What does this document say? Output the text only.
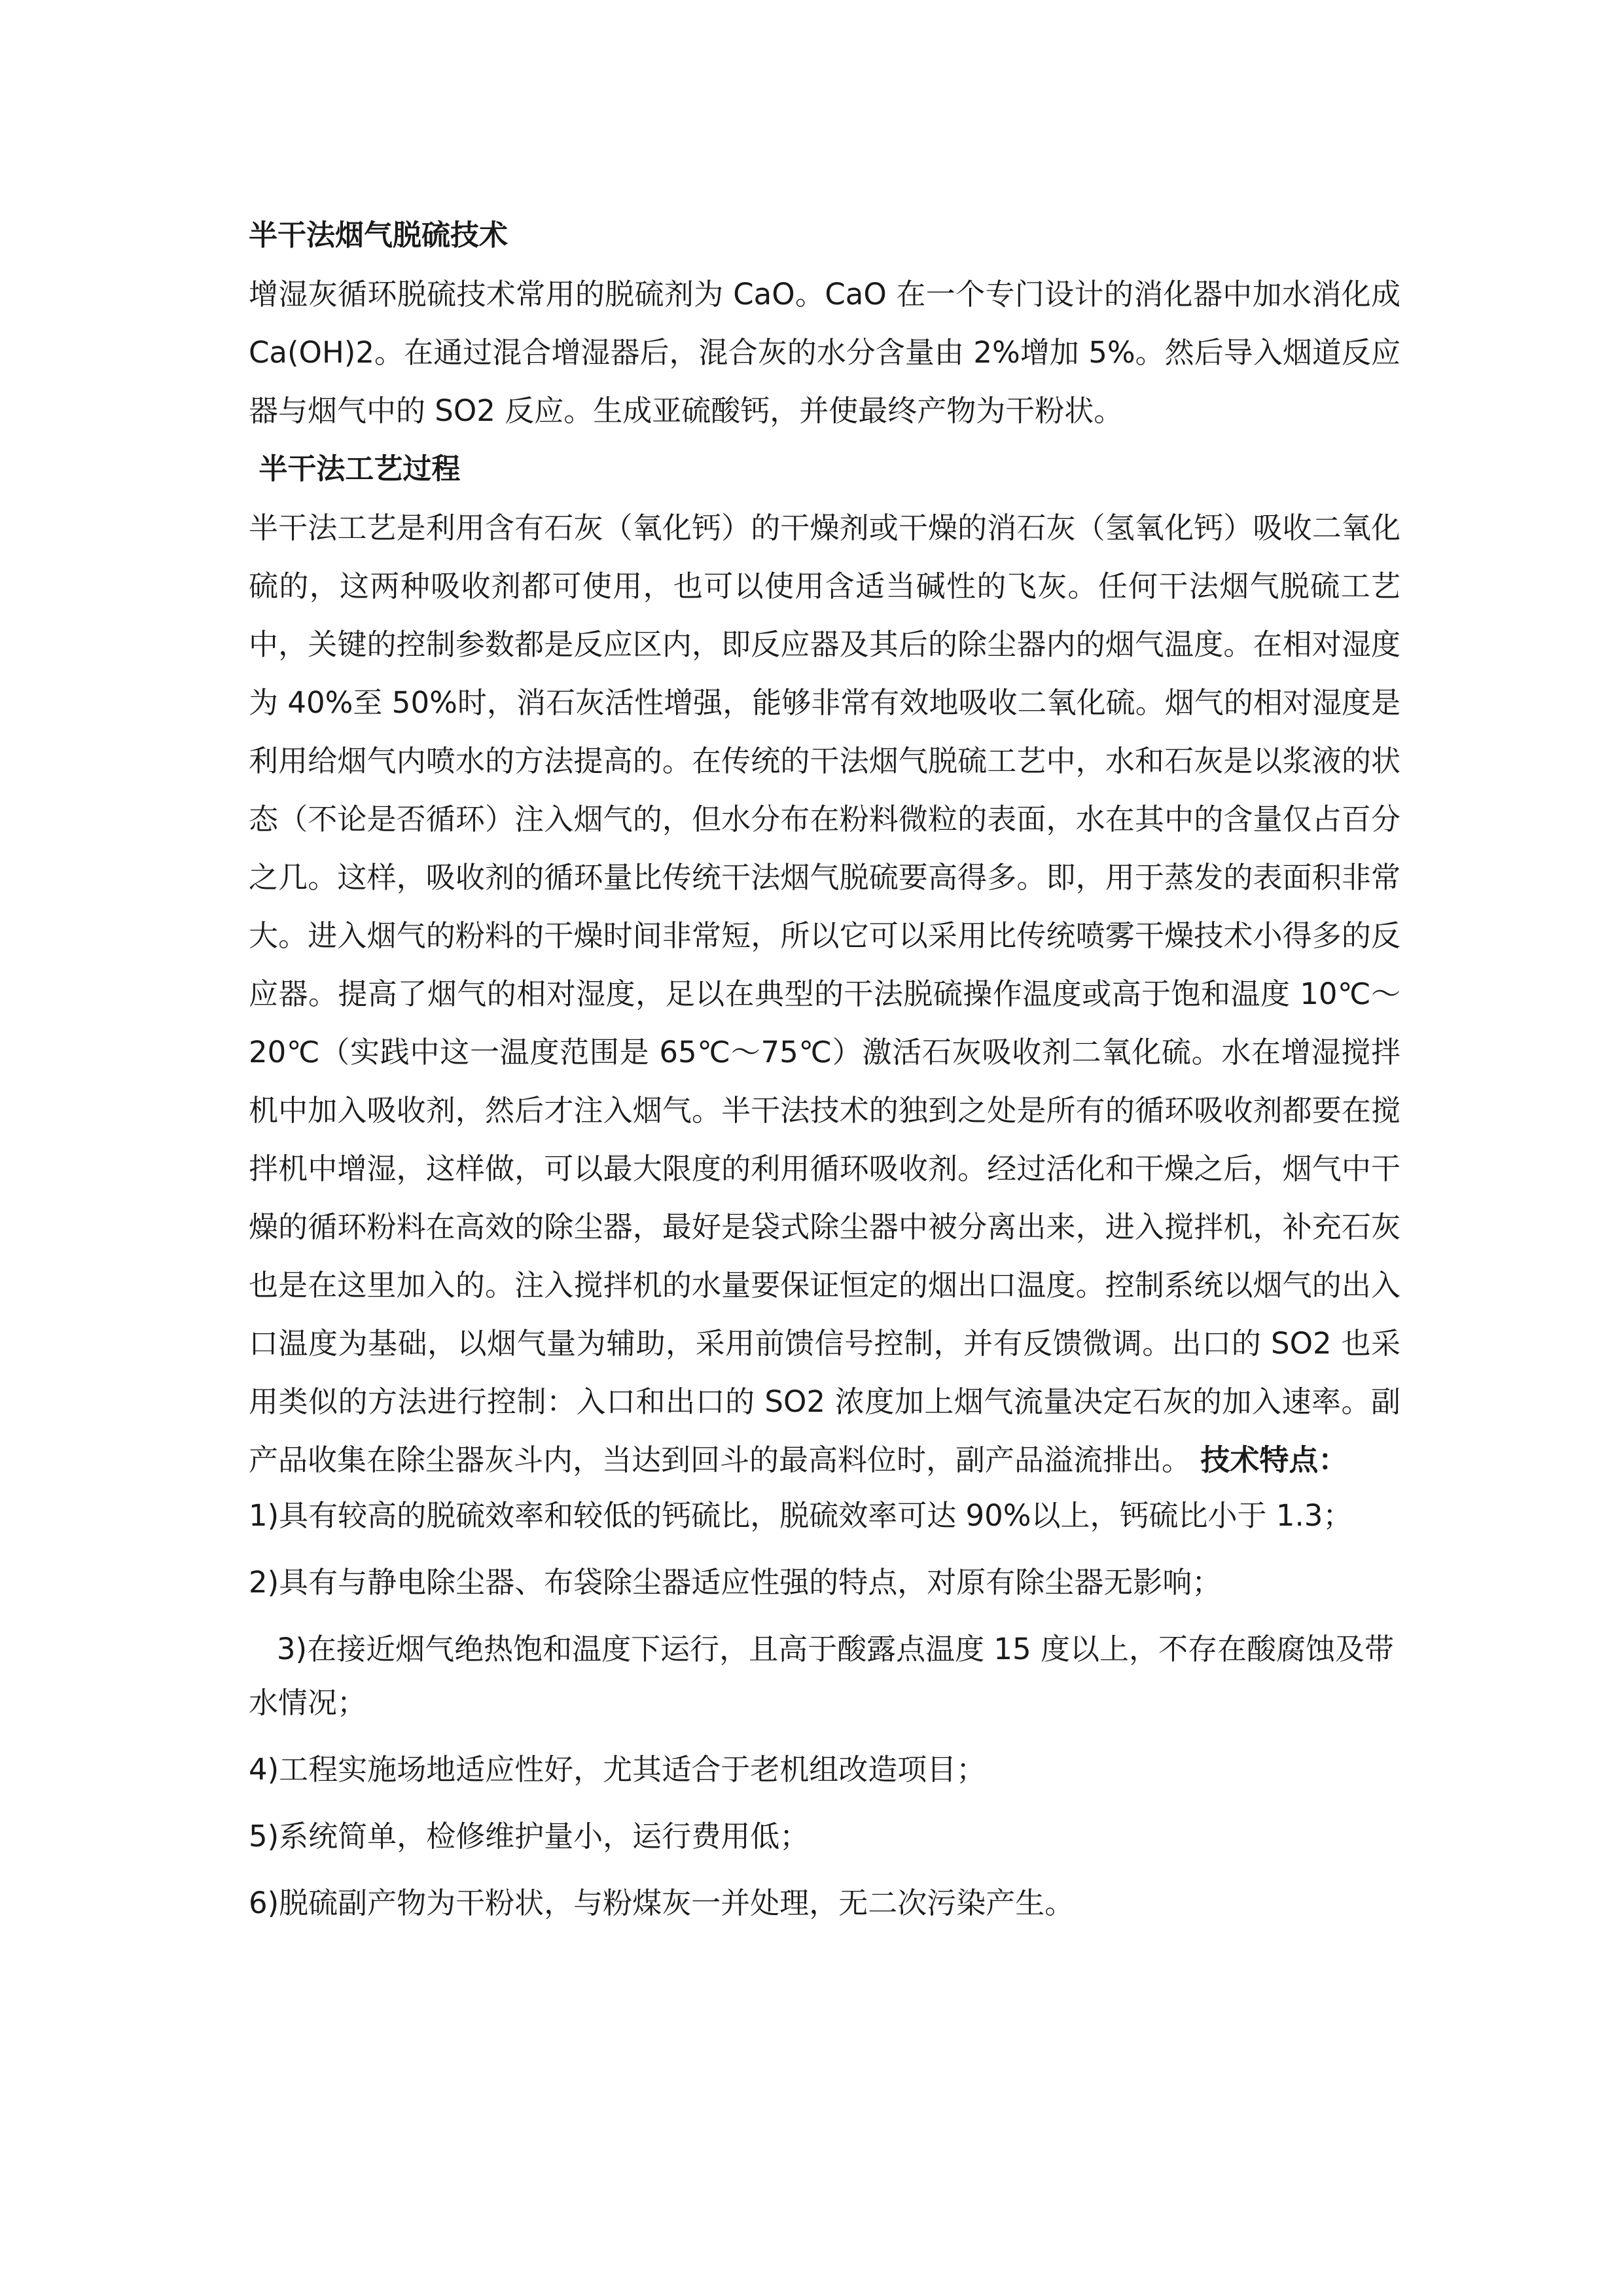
半干法烟气脱硫技术

增湿灰循环脱硫技术常用的脱硫剂为 CaO。CaO 在一个专门设计的消化器中加水消化成 Ca(OH)2。在通过混合增湿器后，混合灰的水分含量由 2%增加 5%。然后导入烟道反应器与烟气中的 SO2 反应。生成亚硫酸钙，并使最终产物为干粉状。

半干法工艺过程

半干法工艺是利用含有石灰（氧化钙）的干燥剂或干燥的消石灰（氢氧化钙）吸收二氧化硫的，这两种吸收剂都可使用，也可以使用含适当碱性的飞灰。任何干法烟气脱硫工艺中，关键的控制参数都是反应区内，即反应器及其后的除尘器内的烟气温度。在相对湿度为 40%至 50%时，消石灰活性增强，能够非常有效地吸收二氧化硫。烟气的相对湿度是利用给烟气内喷水的方法提高的。在传统的干法烟气脱硫工艺中，水和石灰是以浆液的状态（不论是否循环）注入烟气的，但水分布在粉料微粒的表面，水在其中的含量仅占百分之几。这样，吸收剂的循环量比传统干法烟气脱硫要高得多。即，用于蒸发的表面积非常大。进入烟气的粉料的干燥时间非常短，所以它可以采用比传统喷雾干燥技术小得多的反应器。提高了烟气的相对湿度，足以在典型的干法脱硫操作温度或高于饱和温度 10℃～20℃（实践中这一温度范围是 65℃～75℃）激活石灰吸收剂二氧化硫。水在增湿搅拌机中加入吸收剂，然后才注入烟气。半干法技术的独到之处是所有的循环吸收剂都要在搅拌机中增湿，这样做，可以最大限度的利用循环吸收剂。经过活化和干燥之后，烟气中干燥的循环粉料在高效的除尘器，最好是袋式除尘器中被分离出来，进入搅拌机，补充石灰也是在这里加入的。注入搅拌机的水量要保证恒定的烟出口温度。控制系统以烟气的出入口温度为基础，以烟气量为辅助，采用前馈信号控制，并有反馈微调。出口的 SO2 也采用类似的方法进行控制：入口和出口的 SO2 浓度加上烟气流量决定石灰的加入速率。副产品收集在除尘器灰斗内，当达到回斗的最高料位时，副产品溢流排出。 技术特点：

1)具有较高的脱硫效率和较低的钙硫比，脱硫效率可达 90%以上，钙硫比小于 1.3；

2)具有与静电除尘器、布袋除尘器适应性强的特点，对原有除尘器无影响；

3)在接近烟气绝热饱和温度下运行，且高于酸露点温度 15 度以上，不存在酸腐蚀及带水情况；

4)工程实施场地适应性好，尤其适合于老机组改造项目；

5)系统简单，检修维护量小，运行费用低；

6)脱硫副产物为干粉状，与粉煤灰一并处理，无二次污染产生。
